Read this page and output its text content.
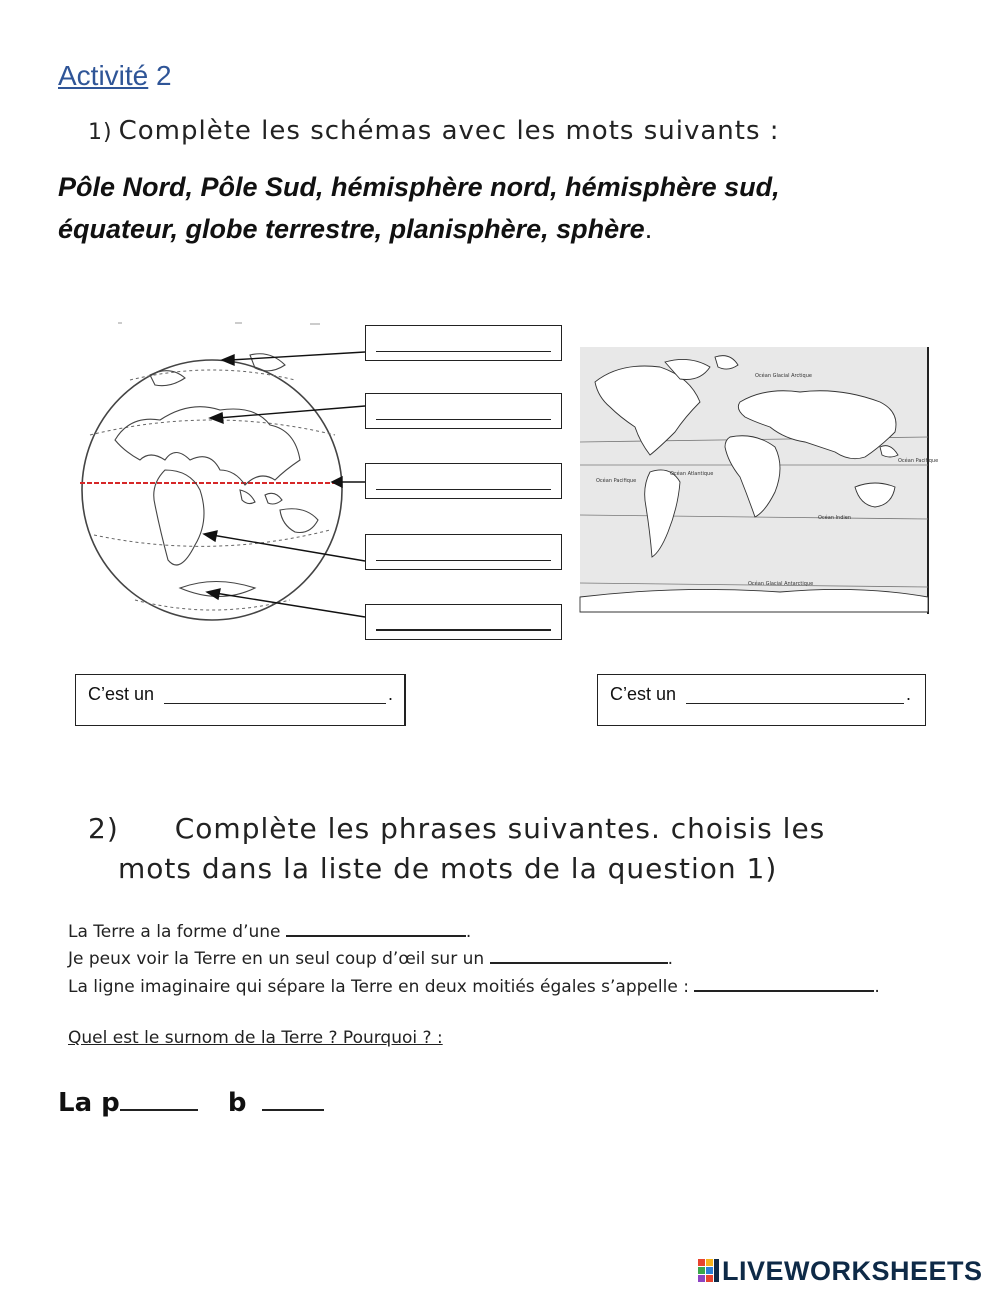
Activité 2
1) Complète les schémas avec les mots suivants :
Pôle Nord, Pôle Sud, hémisphère nord, hémisphère sud,
équateur, globe terrestre, planisphère, sphère.
Océan Glacial Arctique
Océan Atlantique
Océan Pacifique
Océan Pacifique
Océan Indien
Océan Glacial Antarctique
C’est un	.	C’est un	.
2) Complète les phrases suivantes. choisis les
mots dans la liste de mots de la question 1)
La Terre a la forme d’une	.
Je peux voir la Terre en un seul coup d’œil sur un	.
La ligne imaginaire qui sépare la Terre en deux moitiés égales s’appelle :	.
Quel est le surnom de la Terre ? Pourquoi ? :
La p	b
LIVEWORKSHEETS
